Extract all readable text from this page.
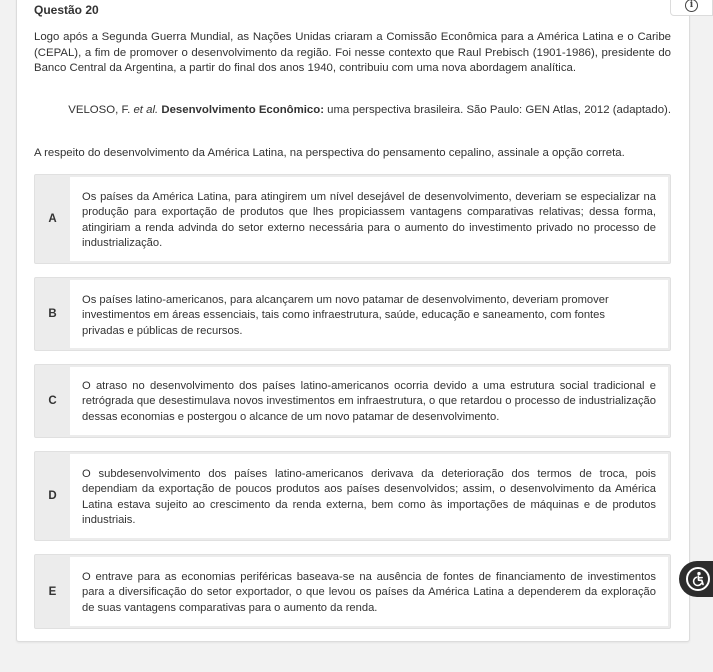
Questão 20	i

Logo após a Segunda Guerra Mundial, as Nações Unidas criaram a Comissão Econômica para a América Latina e o Caribe (CEPAL), a fim de promover o desenvolvimento da região. Foi nesse contexto que Raul Prebisch (1901-1986), presidente do Banco Central da Argentina, a partir do final dos anos 1940, contribuiu com uma nova abordagem analítica.

VELOSO, F. et al. Desenvolvimento Econômico: uma perspectiva brasileira. São Paulo: GEN Atlas, 2012 (adaptado).

A respeito do desenvolvimento da América Latina, na perspectiva do pensamento cepalino, assinale a opção correta.

A
Os países da América Latina, para atingirem um nível desejável de desenvolvimento, deveriam se especializar na produção para exportação de produtos que lhes propiciassem vantagens comparativas relativas; dessa forma, atingiriam a renda advinda do setor externo necessária para o aumento do investimento privado no processo de industrialização.
B
Os países latino-americanos, para alcançarem um novo patamar de desenvolvimento, deveriam promover investimentos em áreas essenciais, tais como infraestrutura, saúde, educação e saneamento, com fontes privadas e públicas de recursos.
C
O atraso no desenvolvimento dos países latino-americanos ocorria devido a uma estrutura social tradicional e retrógrada que desestimulava novos investimentos em infraestrutura, o que retardou o processo de industrialização dessas economias e postergou o alcance de um novo patamar de desenvolvimento.
D
O subdesenvolvimento dos países latino-americanos derivava da deterioração dos termos de troca, pois dependiam da exportação de poucos produtos aos países desenvolvidos; assim, o desenvolvimento da América Latina estava sujeito ao crescimento da renda externa, bem como às importações de máquinas e de produtos industriais.
E
O entrave para as economias periféricas baseava-se na ausência de fontes de financiamento de investimentos para a diversificação do setor exportador, o que levou os países da América Latina a dependerem da exploração de suas vantagens comparativas para o aumento da renda.
